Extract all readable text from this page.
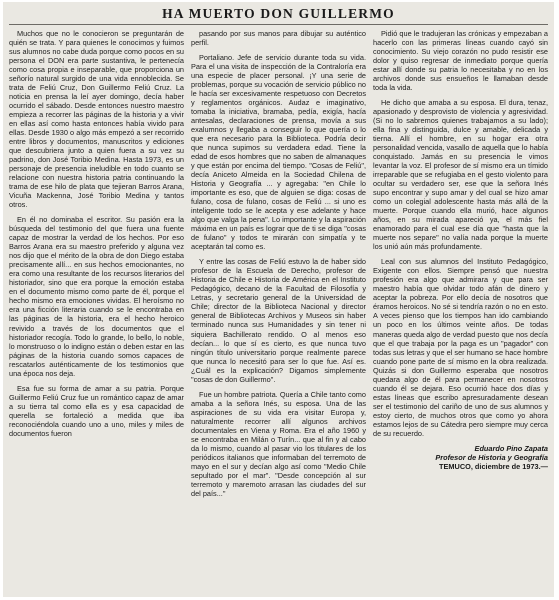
HA MUERTO DON GUILLERMO

Muchos que no le conocieron se preguntarán de quién se trata. Y para quienes le conocimos y fuimos sus alumnos no cabe duda porque como pocos en su persona el DON era parte sustantiva, le pertenecía como cosa propia e inseparable, que proporciona un señorío natural surgido de una vida ennoblecida. Se trata de Feliú Cruz, Don Guillermo Feliú Cruz. La noticia en prensa la leí ayer domingo, decía haber ocurrido el sábado. Desde entonces nuestro maestro empieza a recorrer las páginas de la historia y a vivir en ellas así como hasta entonces había vivido para ellas. Desde 1930 o algo más empezó a ser recorrido entre libros y documentos, manuscritos y ediciones que descubriera junto a quien fuera a su vez su padrino, don José Toribio Medina. Hasta 1973, es un personaje de presencia ineludible en todo cuanto se relacione con nuestra historia patria continuando la trama de ese hilo de plata que tejieran Barros Arana, Vicuña Mackenna, José Toribio Medina y tantos otros.

En él no dominaba el escritor. Su pasión era la búsqueda del testimonio del que fuera una fuente capaz de mostrar la verdad de los hechos. Por eso Barros Arana era su maestro preferido y alguna vez nos dijo que el mérito de la obra de don Diego estaba precisamente allí... en sus hechos emocionantes, no era como una resultante de los recursos literarios del historiador, sino que era porque la emoción estaba en el documento mismo como parte de él, porque el hecho mismo era emociones vividas. El heroísmo no era una ficción literaria cuando se le encontraba en las páginas de la historia, era el hecho heroico revivido a través de los documentos que el historiador recogía. Todo lo grande, lo bello, lo noble, lo monstruoso o lo indigno están o deben estar en las páginas de la historia cuando somos capaces de rescatarlos auténticamente de los testimonios que una época nos deja.

Esa fue su forma de amar a su patria. Porque Guillermo Feliú Cruz fue un romántico capaz de amar a su tierra tal como ella es y esa capacidad de querella se fortaleció a medida que iba reconociéndola cuando uno a uno, miles y miles de documentos fueron

pasando por sus manos para dibujar su auténtico perfil.

Portaliano. Jefe de servicio durante toda su vida. Para el una visita de inspección de la Contraloría era una especie de placer personal. ¡Y una serie de problemas, porque su vocación de servicio público no le hacía ser excesivamente respetuoso con Decretos y reglamentos orgánicos. Audaz e imaginativo, tomaba la iniciativa, bramaba, pedía, exigía, hacía antesalas, declaraciones de prensa, movía a sus exalumnos y llegaba a conseguir lo que quería o lo que era necesario para la Biblioteca. Podría decir que nunca supimos su verdadera edad. Tiene la edad de esos hombres que no saben de almanaques y que están por encima del tiempo. "Cosas de Feliú", decía Aniceto Almeida en la Sociedad Chilena de Historia y Geografía ... y agregaba: "en Chile lo importante es eso, que de alguien se diga: cosas de fulano, cosa de fulano, cosas de Feliú ... si uno es inteligente todo se le acepta y ese adelante y hace algo que valga la pena". Lo importante y la aspiración máxima en un país es lograr que de ti se diga "cosas de fulano" y todos te mirarán con simpatía y te aceptarán tal como es.

Y entre las cosas de Feliú estuvo la de haber sido profesor de la Escuela de Derecho, profesor de Historia de Chile e Historia de América en el Instituto Pedagógico, decano de la Facultad de Filosofía y Letras, y secretario general de la Universidad de Chile; director de la Biblioteca Nacional y director general de Bibliotecas Archivos y Museos sin haber terminado nunca sus Humanidades y sin tener ni siquiera Bachillerato rendido. O al menos eso decían... lo que sí es cierto, es que nunca tuvo ningún título universitario porque realmente parece que nunca lo necesitó para ser lo que fue. Así es. ¿Cuál es la explicación? Digamos simplemente "cosas de don Guillermo".

Fue un hombre patriota. Quería a Chile tanto como amaba a la señora Inés, su esposa. Una de las aspiraciones de su vida era visitar Europa y, naturalmente recorrer allí algunos archivos documentales en Viena y Roma. Era el año 1960 y se encontraba en Milán o Turín... que al fin y al cabo da lo mismo, cuando al pasar vio los titulares de los periódicos italianos que informaban del terremoto de mayo en el sur y decían algo así como "Medio Chile sepultado por el mar". "Desde concepción al sur terremoto y maremoto arrasan las ciudades del sur del país..."

Pidió que le tradujeran las crónicas y empezaban a hacerlo con las primeras líneas cuando cayó sin conocimiento. Su viejo corazón no pudo resistir ese dolor y quiso regresar de inmediato porque quería estar allí donde su patria lo necesitaba y no en los archivos donde sus ensueños le llamaban desde toda la vida.

He dicho que amaba a su esposa. El dura, tenaz, apasionado y desprovisto de violencia y agresividad. (Si no lo sabremos quienes trabajamos a su lado); ella fina y distinguida, dulce y amable, delicada y tierna. Allí el hombre, en su hogar era otra personalidad vencida, vasallo de aquella que lo había conquistado. Jamás en su presencia le vimos levantar la voz. El profesor de sí mismo era un tímido irreparable que se refugiaba en el gesto violento para ocultar su verdadero ser, ese que la señora Inés supo encontrar y supo amar y del cual se hizo amar como un colegial adolescente hasta más allá de la muerte. Porque cuando ella murió, hace algunos años, en su mirada apareció ya, el más fiel enamorado para el cual ese día que "hasta que la muerte nos separe" no valía nada porque la muerte los unió aún más profundamente.

Leal con sus alumnos del Instituto Pedagógico, Exigente con ellos. Siempre pensó que nuestra profesión era algo que admirara y que para ser maestro había que olvidar todo afán de dinero y aceptar la pobreza. Por ello decía de nosotros que éramos heroicos. No sé si tendría razón o no en esto. A veces pienso que los tiempos han ido cambiando un poco en los últimos veinte años. De todas maneras queda algo de verdad puesto que nos decía que el que trabaja por la paga es un "pagador" con todas sus letras y que el ser humano se hace hombre cuando pone parte de sí mismo en la obra realizada. Quizás si don Guillermo esperaba que nosotros quedara algo de él para permanecer en nosotros cuando él se dejara. Eso ocurrió hace dos días y estas líneas que escribo apresuradamente desean ser el testimonio del cariño de uno de sus alumnos y estoy cierto, de muchos otros que como yo ahora estamos lejos de su Cátedra pero siempre muy cerca de su recuerdo.

Eduardo Pino Zapata
Profesor de Historia y Geografía
TEMUCO, diciembre de 1973.—
